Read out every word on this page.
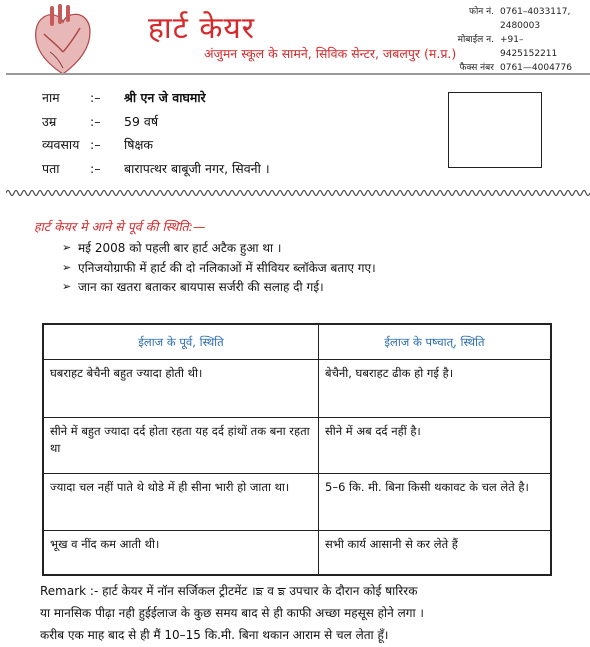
हार्ट केयर
अंजुमन स्कूल के सामने, सिविक सेन्टर, जबलपुर (म.प्र.)
फोन नं. 0761–4033117, 2480003
मोबाईल न. +91–9425152211
फैक्स नंबर 0761—4004776
नाम	:–	श्री एन जे वाघमारे
उम्र	:–	59 वर्ष
व्यवसाय :–	षिक्षक
पता	:–	बारापत्थर बाबूजी नगर, सिवनी ।
हार्ट केयर मे आने से पूर्व की स्थिति:—
➢ मई 2008 को पहली बार हार्ट अटैक हुआ था ।
➢ एनिजयोग्राफी में हार्ट की दो नलिकाओं में सीवियर ब्लॉकेज बताए गए।
➢ जान का खतरा बताकर बायपास सर्जरी की सलाह दी गई।
ईलाज के पूर्व, स्थिति	ईलाज के पष्चात्, स्थिति
घबराहट बेचैनी बहुत ज्यादा होती थी।	बेचैनी, घबराहट ढीक हो गई है।
सीने में बहुत ज्यादा दर्द होता रहता यह दर्द हांथों तक बना रहता था	सीने में अब दर्द नहीं है।
ज्यादा चल नहीं पाते थे थोडे में ही सीना भारी हो जाता था।	5–6 कि. मी. बिना किसी थकावट के चल लेते है।
भूख व नींद कम आती थी।	सभी कार्य आसानी से कर लेते हैं
Remark :- हार्ट केयर में नॉन सर्जिकल ट्रीटमेंट ।ਙ व ਙ उपचार के दौरान कोई षारिरक
या मानसिक पीढ़ा नही हुईईलाज के कुछ समय बाद से ही काफी अच्छा महसूस होने लगा ।
करीब एक माह बाद से ही मैं 10–15 कि.मी. बिना थकान आराम से चल लेता हूँ।
